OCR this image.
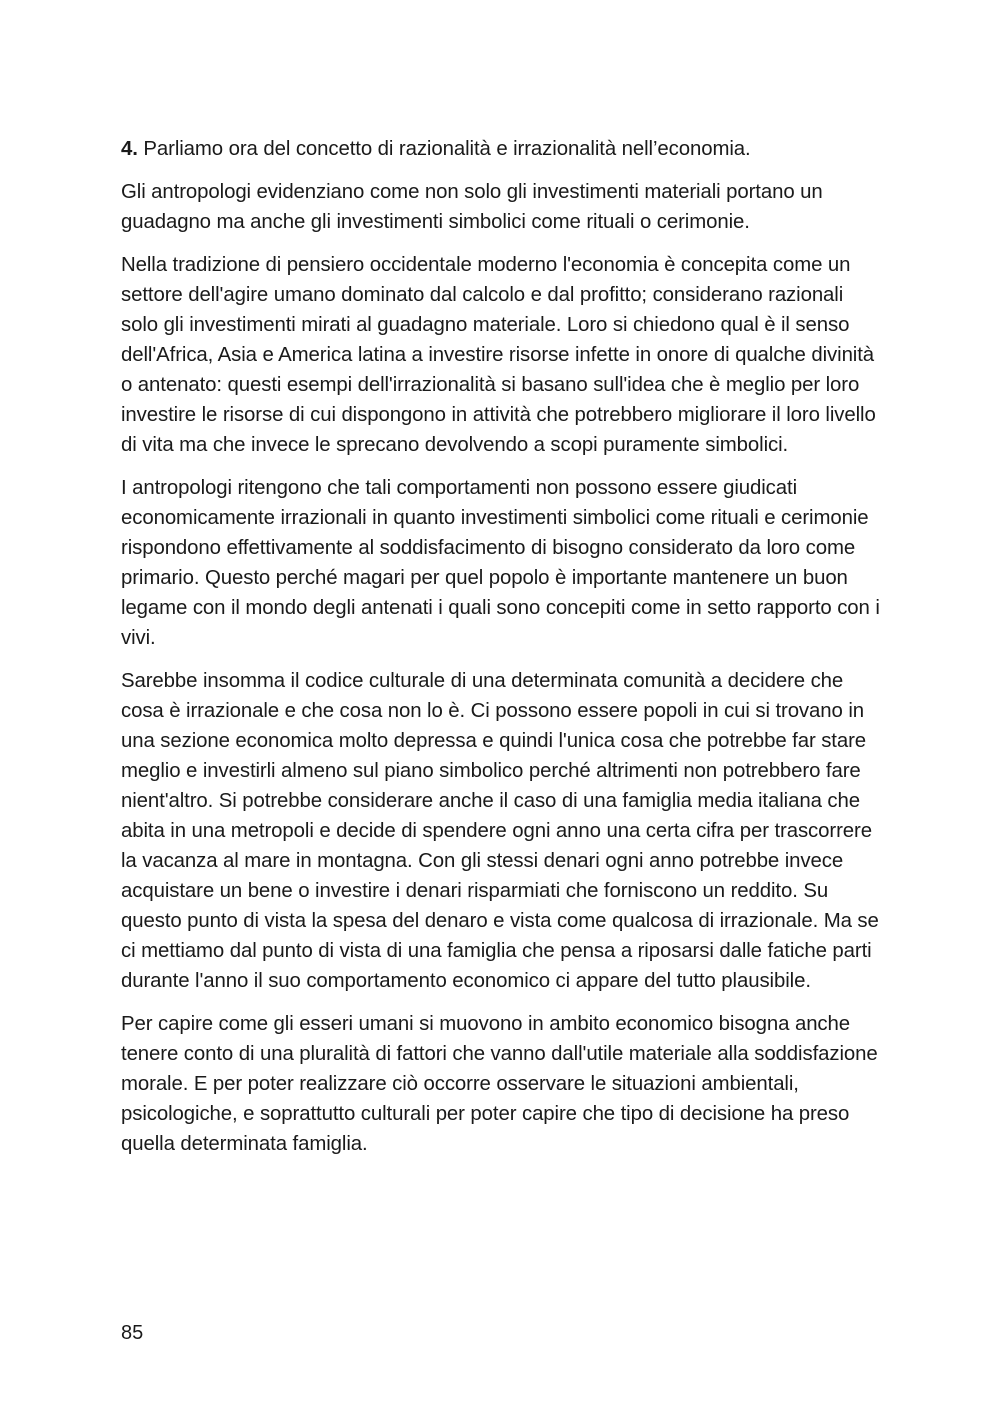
4. Parliamo ora del concetto di razionalità e irrazionalità nell’economia.

Gli antropologi evidenziano come non solo gli investimenti materiali portano un guadagno ma anche gli investimenti simbolici come rituali o cerimonie.

Nella tradizione di pensiero occidentale moderno l'economia è concepita come un settore dell'agire umano dominato dal calcolo e dal profitto; considerano razionali solo gli investimenti mirati al guadagno materiale. Loro si chiedono qual è il senso dell'Africa, Asia e America latina a investire risorse infette in onore di qualche divinità o antenato: questi esempi dell'irrazionalità si basano sull'idea che è meglio per loro investire le risorse di cui dispongono in attività che potrebbero migliorare il loro livello di vita ma che invece le sprecano devolvendo a scopi puramente simbolici.

I antropologi ritengono che tali comportamenti non possono essere giudicati economicamente irrazionali in quanto investimenti simbolici come rituali e cerimonie rispondono effettivamente al soddisfacimento di bisogno considerato da loro come primario. Questo perché magari per quel popolo è importante mantenere un buon legame con il mondo degli antenati i quali sono concepiti come in setto rapporto con i vivi.

Sarebbe insomma il codice culturale di una determinata comunità a decidere che cosa è irrazionale e che cosa non lo è. Ci possono essere popoli in cui si trovano in una sezione economica molto depressa e quindi l'unica cosa che potrebbe far stare meglio e investirli almeno sul piano simbolico perché altrimenti non potrebbero fare nient'altro. Si potrebbe considerare anche il caso di una famiglia media italiana che abita in una metropoli e decide di spendere ogni anno una certa cifra per trascorrere la vacanza al mare in montagna. Con gli stessi denari ogni anno potrebbe invece acquistare un bene o investire i denari risparmiati che forniscono un reddito. Su questo punto di vista la spesa del denaro e vista come qualcosa di irrazionale. Ma se ci mettiamo dal punto di vista di una famiglia che pensa a riposarsi dalle fatiche parti durante l'anno il suo comportamento economico ci appare del tutto plausibile.

Per capire come gli esseri umani si muovono in ambito economico bisogna anche tenere conto di una pluralità di fattori che vanno dall'utile materiale alla soddisfazione morale. E per poter realizzare ciò occorre osservare le situazioni ambientali, psicologiche, e soprattutto culturali per poter capire che tipo di decisione ha preso quella determinata famiglia.

85
